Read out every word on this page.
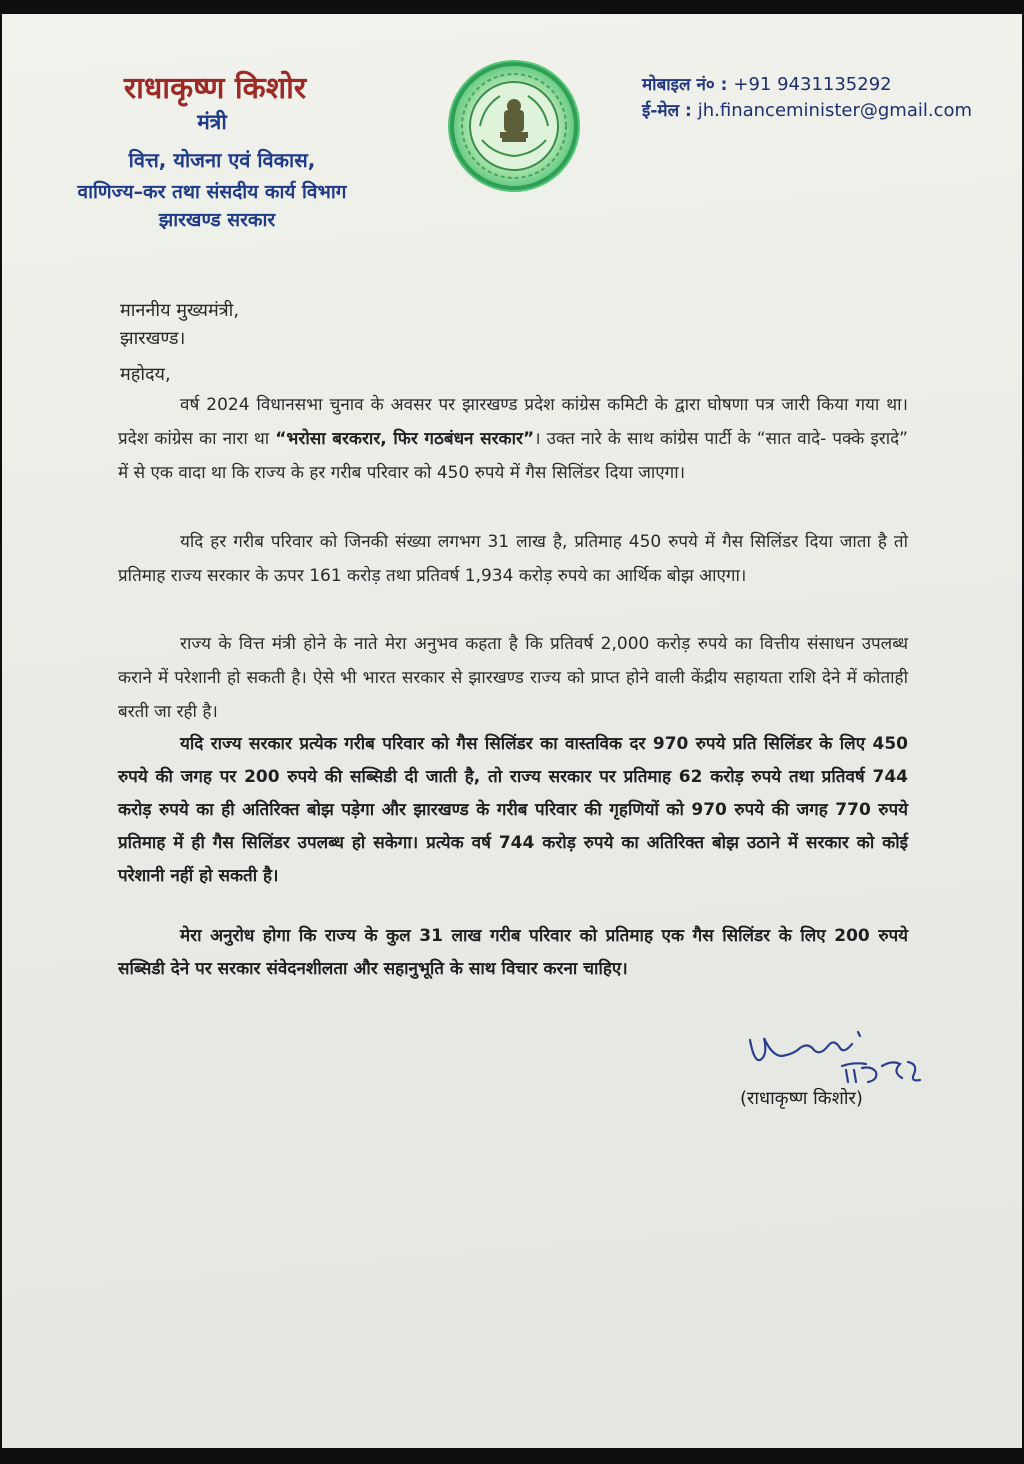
राधाकृष्ण किशोर
मंत्री
वित्त, योजना एवं विकास,
वाणिज्य–कर तथा संसदीय कार्य विभाग
झारखण्ड सरकार
मोबाइल नं० : +91 9431135292
ई-मेल : jh.financeminister@gmail.com
माननीय मुख्यमंत्री,
झारखण्ड।
महोदय,
वर्ष 2024 विधानसभा चुनाव के अवसर पर झारखण्ड प्रदेश कांग्रेस कमिटी के द्वारा घोषणा पत्र जारी किया गया था। प्रदेश कांग्रेस का नारा था “भरोसा बरकरार, फिर गठबंधन सरकार”। उक्त नारे के साथ कांग्रेस पार्टी के “सात वादे- पक्के इरादे” में से एक वादा था कि राज्य के हर गरीब परिवार को 450 रुपये में गैस सिलिंडर दिया जाएगा।
यदि हर गरीब परिवार को जिनकी संख्या लगभग 31 लाख है, प्रतिमाह 450 रुपये में गैस सिलिंडर दिया जाता है तो प्रतिमाह राज्य सरकार के ऊपर 161 करोड़ तथा प्रतिवर्ष 1,934 करोड़ रुपये का आर्थिक बोझ आएगा।
राज्य के वित्त मंत्री होने के नाते मेरा अनुभव कहता है कि प्रतिवर्ष 2,000 करोड़ रुपये का वित्तीय संसाधन उपलब्ध कराने में परेशानी हो सकती है। ऐसे भी भारत सरकार से झारखण्ड राज्य को प्राप्त होने वाली केंद्रीय सहायता राशि देने में कोताही बरती जा रही है।
यदि राज्य सरकार प्रत्येक गरीब परिवार को गैस सिलिंडर का वास्तविक दर 970 रुपये प्रति सिलिंडर के लिए 450 रुपये की जगह पर 200 रुपये की सब्सिडी दी जाती है, तो राज्य सरकार पर प्रतिमाह 62 करोड़ रुपये तथा प्रतिवर्ष 744 करोड़ रुपये का ही अतिरिक्त बोझ पड़ेगा और झारखण्ड के गरीब परिवार की गृहणियों को 970 रुपये की जगह 770 रुपये प्रतिमाह में ही गैस सिलिंडर उपलब्ध हो सकेगा। प्रत्येक वर्ष 744 करोड़ रुपये का अतिरिक्त बोझ उठाने में सरकार को कोई परेशानी नहीं हो सकती है।
मेरा अनुरोध होगा कि राज्य के कुल 31 लाख गरीब परिवार को प्रतिमाह एक गैस सिलिंडर के लिए 200 रुपये सब्सिडी देने पर सरकार संवेदनशीलता और सहानुभूति के साथ विचार करना चाहिए।
(राधाकृष्ण किशोर)
